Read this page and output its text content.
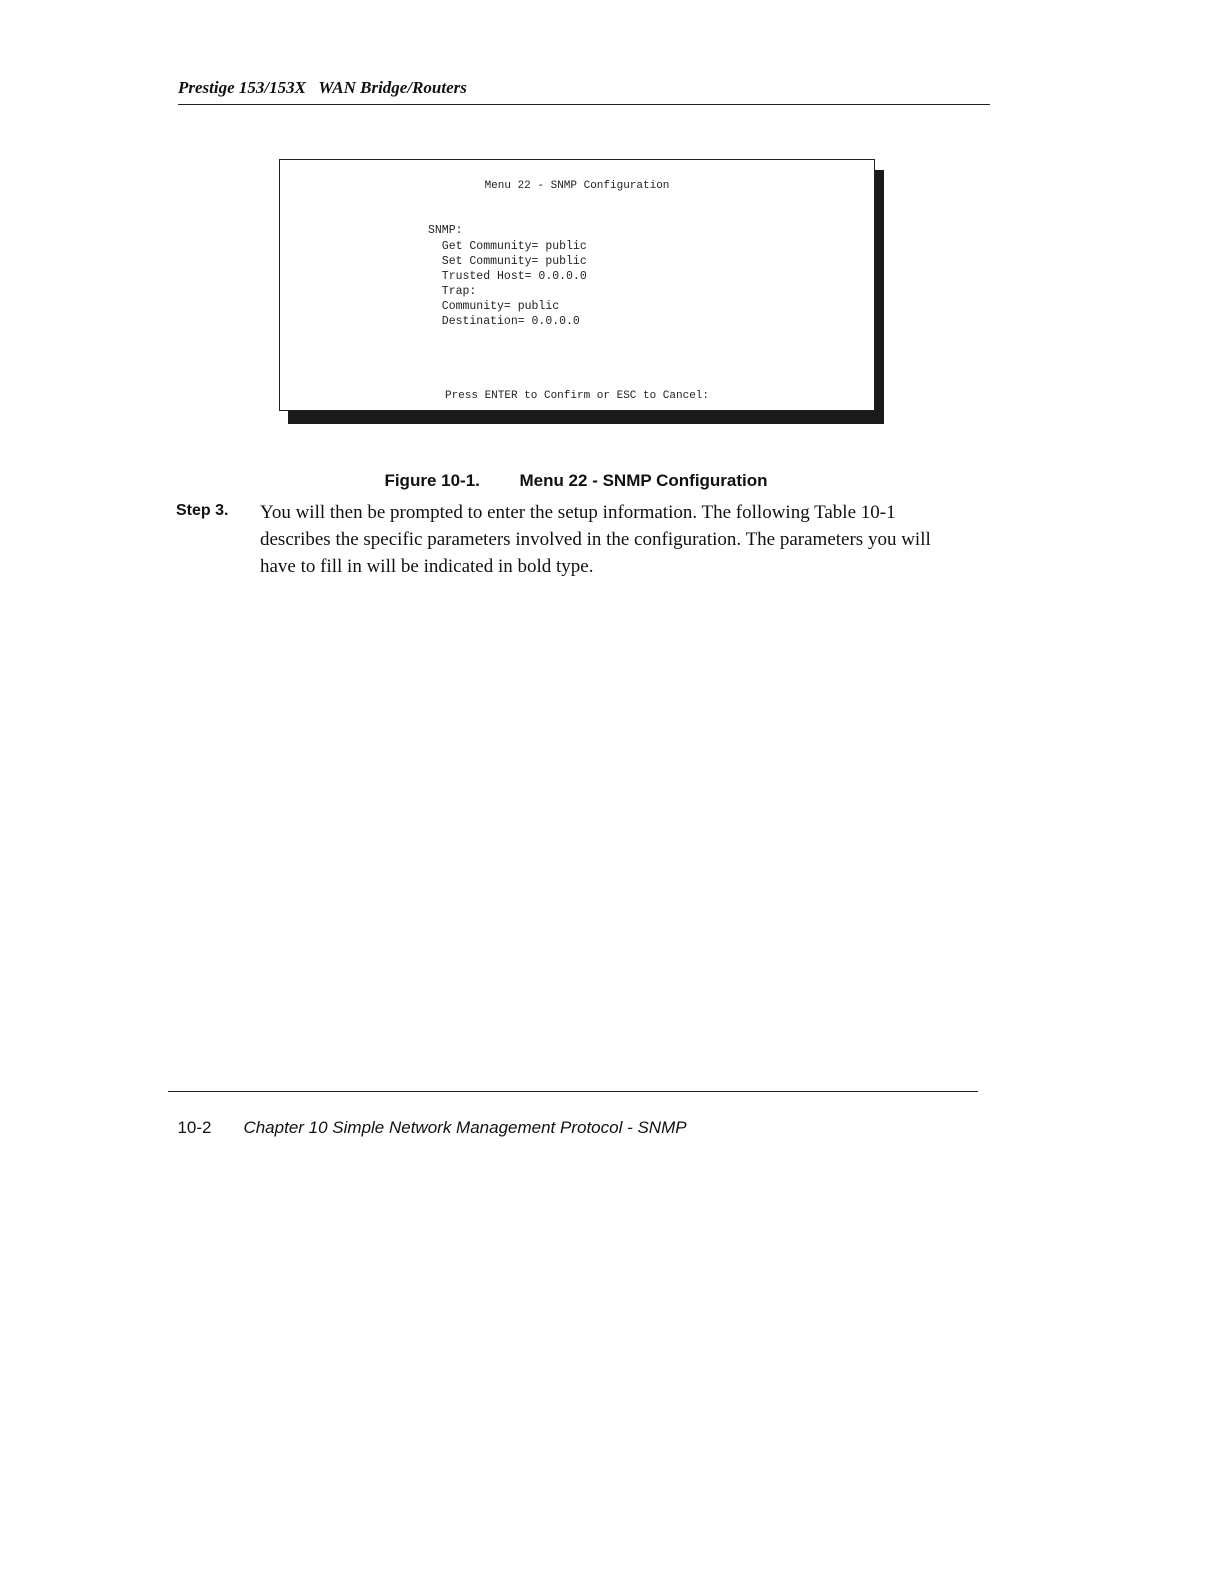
Prestige 153/153X   WAN Bridge/Routers
Menu 22 - SNMP Configuration
SNMP:
Get Community= public
Set Community= public
Trusted Host= 0.0.0.0
Trap:
Community= public
Destination= 0.0.0.0
Press ENTER to Confirm or ESC to Cancel:

Figure 10-1. Menu 22 - SNMP Configuration

Step 3. You will then be prompted to enter the setup information. The following Table 10-1 describes the specific parameters involved in the configuration. The parameters you will have to fill in will be indicated in bold type.

10-2 Chapter 10 Simple Network Management Protocol - SNMP
